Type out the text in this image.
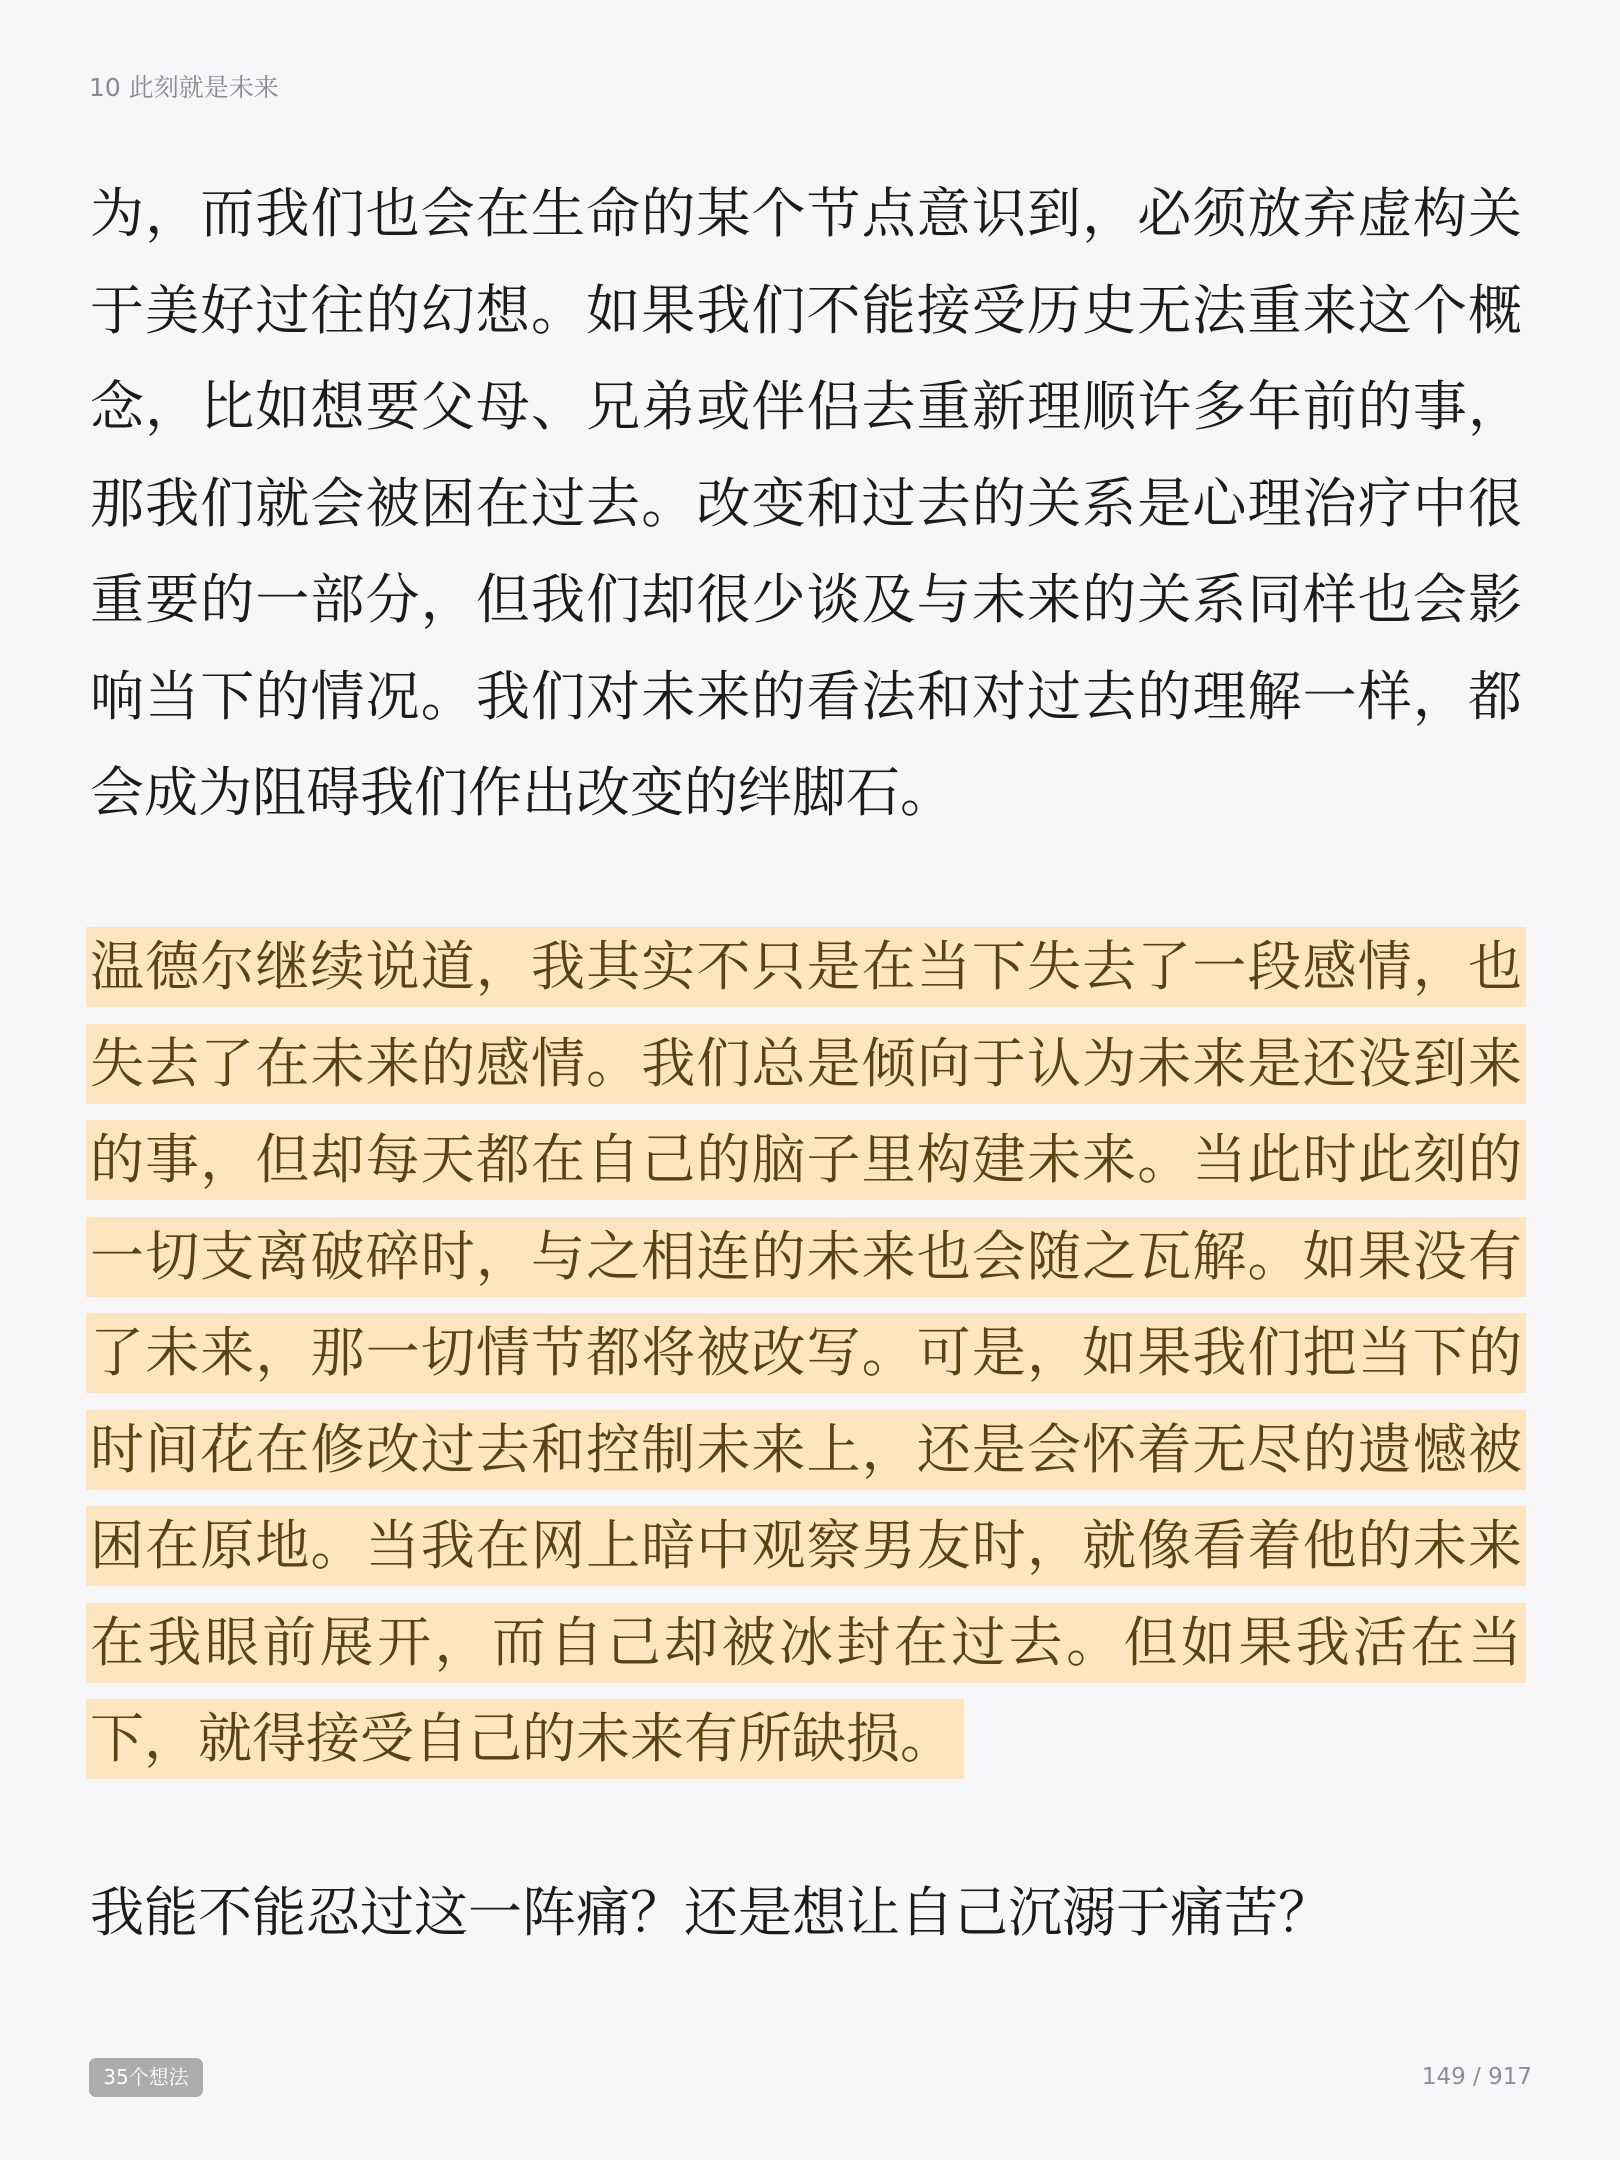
10 此刻就是未来
为，而我们也会在生命的某个节点意识到，必须放弃虚构关
于美好过往的幻想。如果我们不能接受历史无法重来这个概
念，比如想要父母、兄弟或伴侣去重新理顺许多年前的事，
那我们就会被困在过去。改变和过去的关系是心理治疗中很
重要的一部分，但我们却很少谈及与未来的关系同样也会影
响当下的情况。我们对未来的看法和对过去的理解一样，都
会成为阻碍我们作出改变的绊脚石。
温德尔继续说道，我其实不只是在当下失去了一段感情，也
失去了在未来的感情。我们总是倾向于认为未来是还没到来
的事，但却每天都在自己的脑子里构建未来。当此时此刻的
一切支离破碎时，与之相连的未来也会随之瓦解。如果没有
了未来，那一切情节都将被改写。可是，如果我们把当下的
时间花在修改过去和控制未来上，还是会怀着无尽的遗憾被
困在原地。当我在网上暗中观察男友时，就像看着他的未来
在我眼前展开，而自己却被冰封在过去。但如果我活在当
下，就得接受自己的未来有所缺损。
我能不能忍过这一阵痛？还是想让自己沉溺于痛苦？
35个想法	149 / 917
